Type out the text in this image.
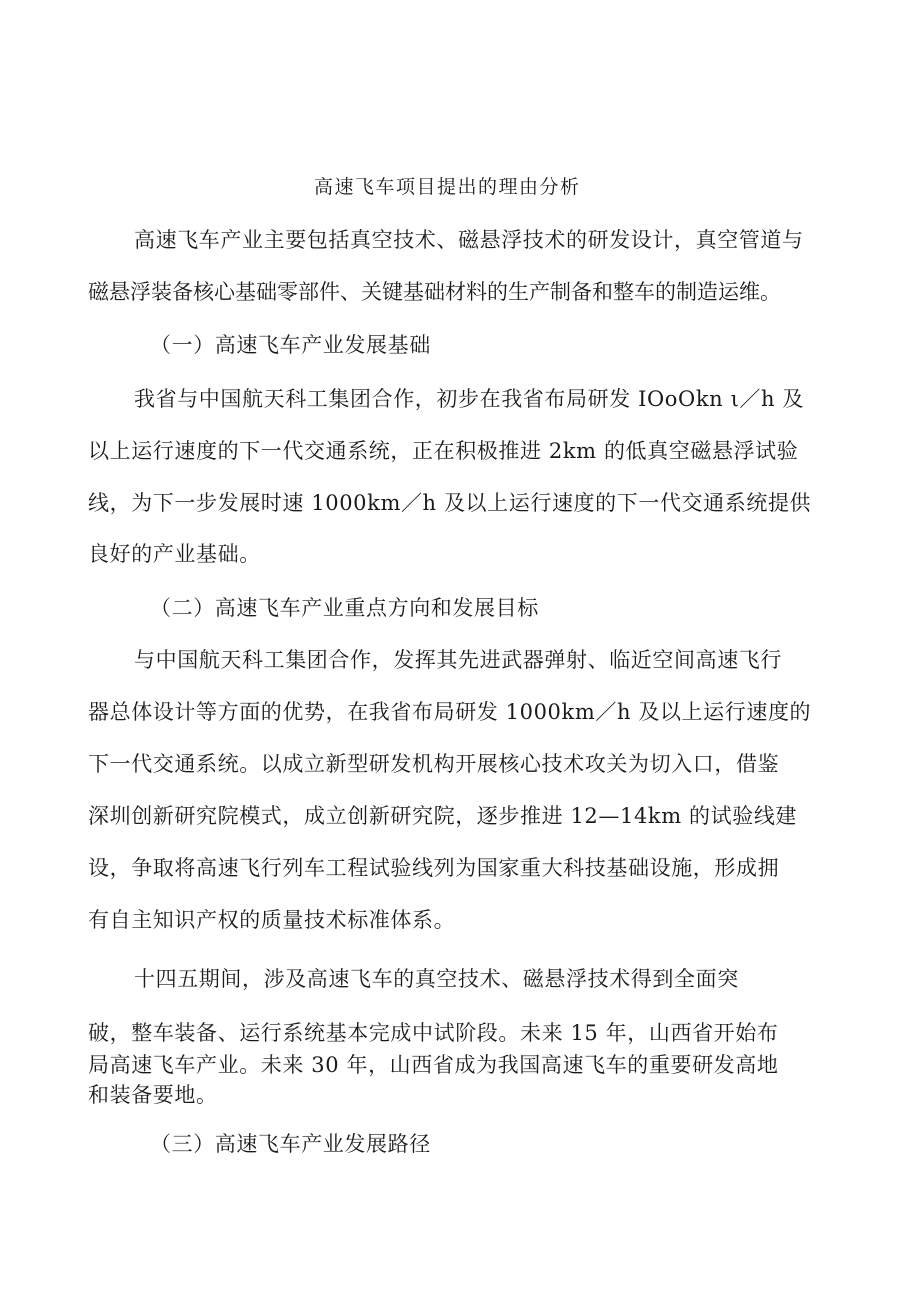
高速飞车项目提出的理由分析

高速飞车产业主要包括真空技术、磁悬浮技术的研发设计，真空管道与

磁悬浮装备核心基础零部件、关键基础材料的生产制备和整车的制造运维。

（一）高速飞车产业发展基础

我省与中国航天科工集团合作，初步在我省布局研发 IOoOkn ι／h 及

以上运行速度的下一代交通系统，正在积极推进 2km 的低真空磁悬浮试验

线，为下一步发展时速 1000km／h 及以上运行速度的下一代交通系统提供

良好的产业基础。

（二）高速飞车产业重点方向和发展目标

与中国航天科工集团合作，发挥其先进武器弹射、临近空间高速飞行

器总体设计等方面的优势，在我省布局研发 1000km／h 及以上运行速度的

下一代交通系统。以成立新型研发机构开展核心技术攻关为切入口，借鉴

深圳创新研究院模式，成立创新研究院，逐步推进 12—14km 的试验线建

设，争取将高速飞行列车工程试验线列为国家重大科技基础设施，形成拥

有自主知识产权的质量技术标准体系。

十四五期间，涉及高速飞车的真空技术、磁悬浮技术得到全面突

破，整车装备、运行系统基本完成中试阶段。未来 15 年，山西省开始布

局高速飞车产业。未来 30 年，山西省成为我国高速飞车的重要研发高地

和装备要地。

（三）高速飞车产业发展路径
